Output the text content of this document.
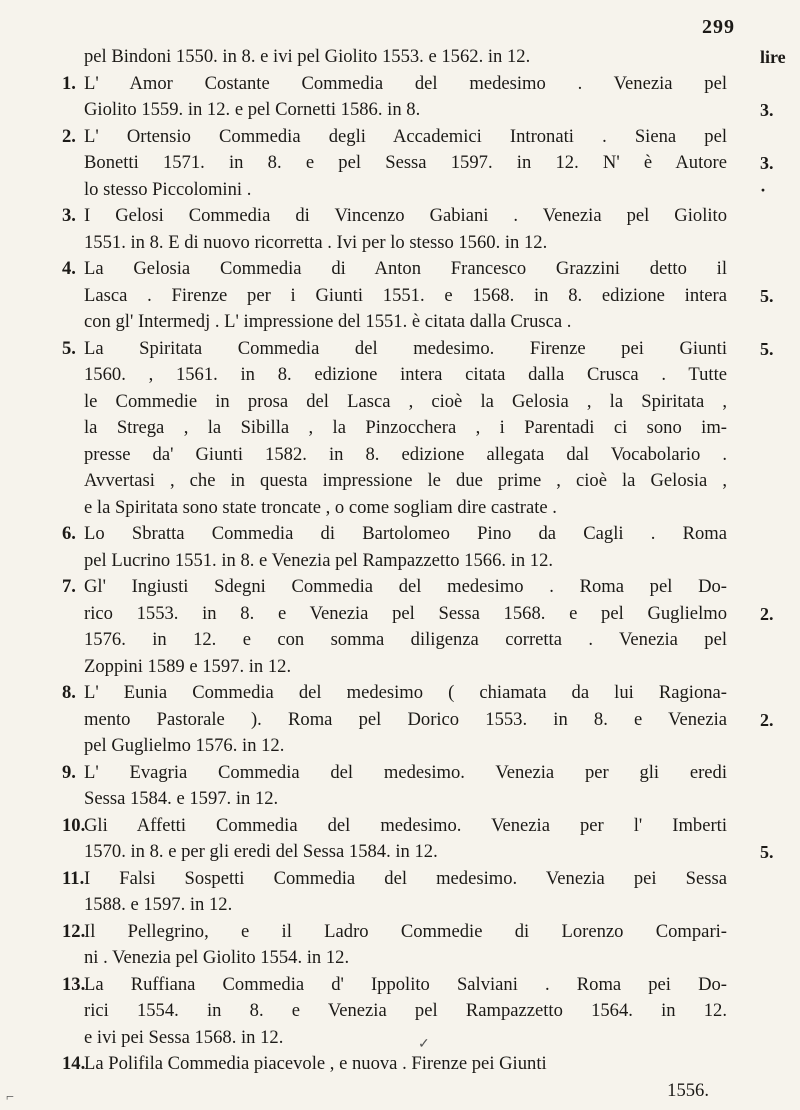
299
pel Bindoni 1550. in 8. e ivi pel Giolito 1553. e 1562. in 12.
1. L' Amor Costante Commedia del medesimo . Venezia pel
Giolito 1559. in 12. e pel Cornetti 1586. in 8.
2. L' Ortensio Commedia degli Accademici Intronati . Siena pel
Bonetti 1571. in 8. e pel Sessa 1597. in 12. N' è Autore
lo stesso Piccolomini .
3. I Gelosi Commedia di Vincenzo Gabiani . Venezia pel Giolito
1551. in 8. E di nuovo ricorretta . Ivi per lo stesso 1560. in 12.
4. La Gelosia Commedia di Anton Francesco Grazzini detto il
Lasca . Firenze per i Giunti 1551. e 1568. in 8. edizione intera
con gl' Intermedj . L' impressione del 1551. è citata dalla Crusca .
5. La Spiritata Commedia del medesimo. Firenze pei Giunti
1560. , 1561. in 8. edizione intera citata dalla Crusca . Tutte
le Commedie in prosa del Lasca , cioè la Gelosia , la Spiritata ,
la Strega , la Sibilla , la Pinzocchera , i Parentadi ci sono im-
presse da' Giunti 1582. in 8. edizione allegata dal Vocabolario .
Avvertasi , che in questa impressione le due prime , cioè la Gelosia ,
e la Spiritata sono state troncate , o come sogliam dire castrate .
6. Lo Sbratta Commedia di Bartolomeo Pino da Cagli . Roma
pel Lucrino 1551. in 8. e Venezia pel Rampazzetto 1566. in 12.
7. Gl' Ingiusti Sdegni Commedia del medesimo . Roma pel Do-
rico 1553. in 8. e Venezia pel Sessa 1568. e pel Guglielmo
1576. in 12. e con somma diligenza corretta . Venezia pel
Zoppini 1589 e 1597. in 12.
8. L' Eunia Commedia del medesimo ( chiamata da lui Ragiona-
mento Pastorale ). Roma pel Dorico 1553. in 8. e Venezia
pel Guglielmo 1576. in 12.
9. L' Evagria Commedia del medesimo. Venezia per gli eredi
Sessa 1584. e 1597. in 12.
10.Gli Affetti Commedia del medesimo. Venezia per l' Imberti
1570. in 8. e per gli eredi del Sessa 1584. in 12.
11.I Falsi Sospetti Commedia del medesimo. Venezia pei Sessa
1588. e 1597. in 12.
12.Il Pellegrino, e il Ladro Commedie di Lorenzo Compari-
ni . Venezia pel Giolito 1554. in 12.
13.La Ruffiana Commedia d' Ippolito Salviani . Roma pei Do-
rici 1554. in 8. e Venezia pel Rampazzetto 1564. in 12.
e ivi pei Sessa 1568. in 12.
14.La Polifila Commedia piacevole , e nuova . Firenze pei Giunti
1556.
lire
3.
3.
·
5.
5.
2.
2.
5.
✓
⌐
